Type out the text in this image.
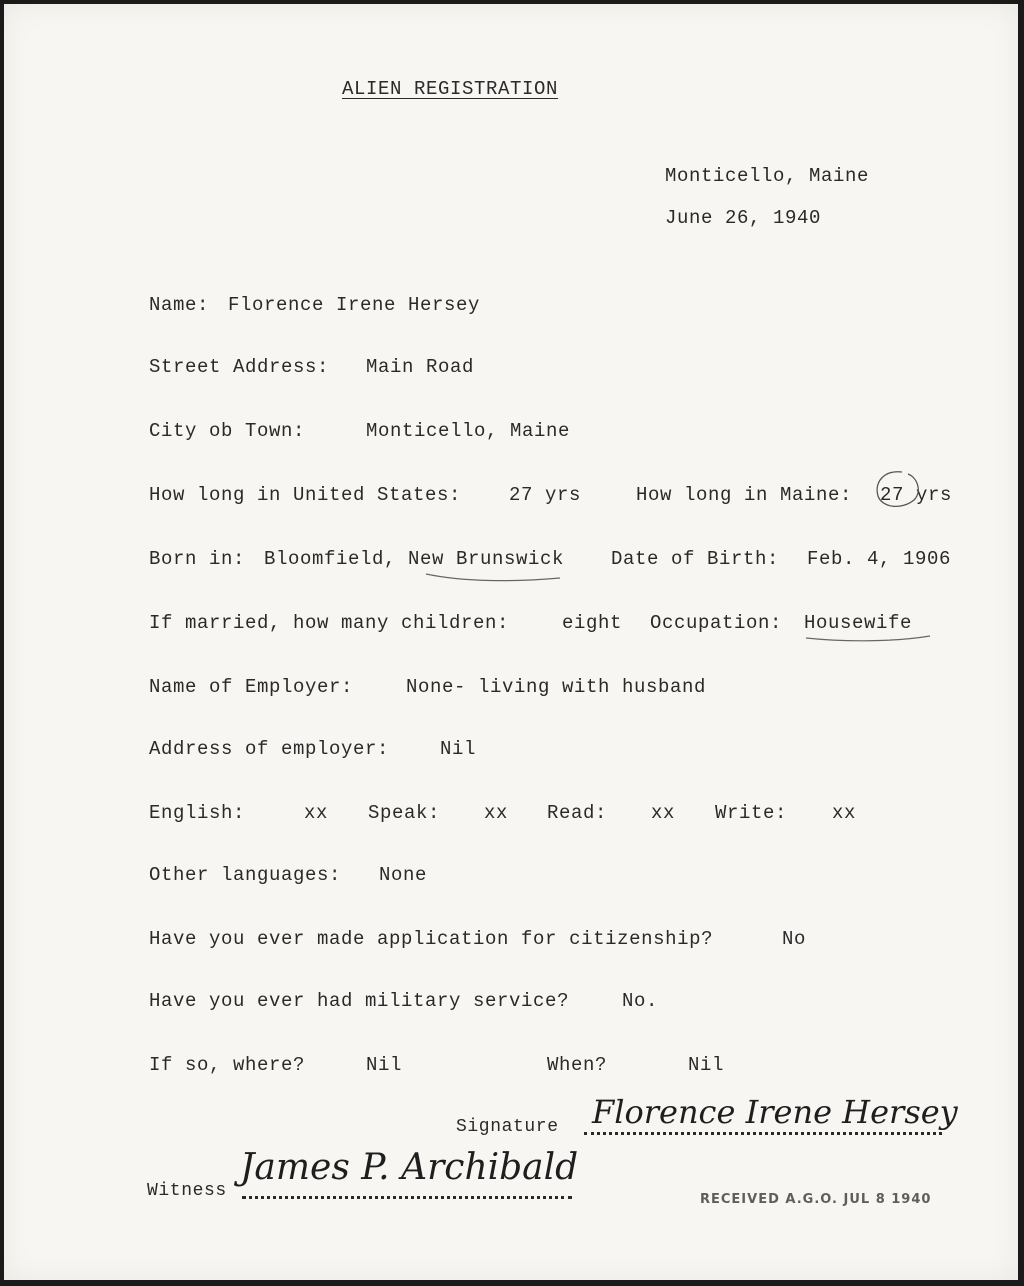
ALIEN REGISTRATION
Monticello, Maine
June 26, 1940
Name: Florence Irene Hersey
Street Address: Main Road
City ob Town:	Monticello, Maine
How long in United States:	27 yrs	How long in Maine: 27 yrs
Born in: Bloomfield, New Brunswick Date of Birth: Feb. 4, 1906
If married, how many children:	eight Occupation: Housewife
Name of Employer:	None- living with husband
Address of employer:	Nil
English:	xx Speak: xx Read: xx Write: xx
Other languages: None
Have you ever made application for citizenship?	No
Have you ever had military service?	No.
If so, where?	Nil	When?	Nil
Signature Florence Irene Hersey
Witness
James P. Archibald
RECEIVED A.G.O. JUL 8 1940
